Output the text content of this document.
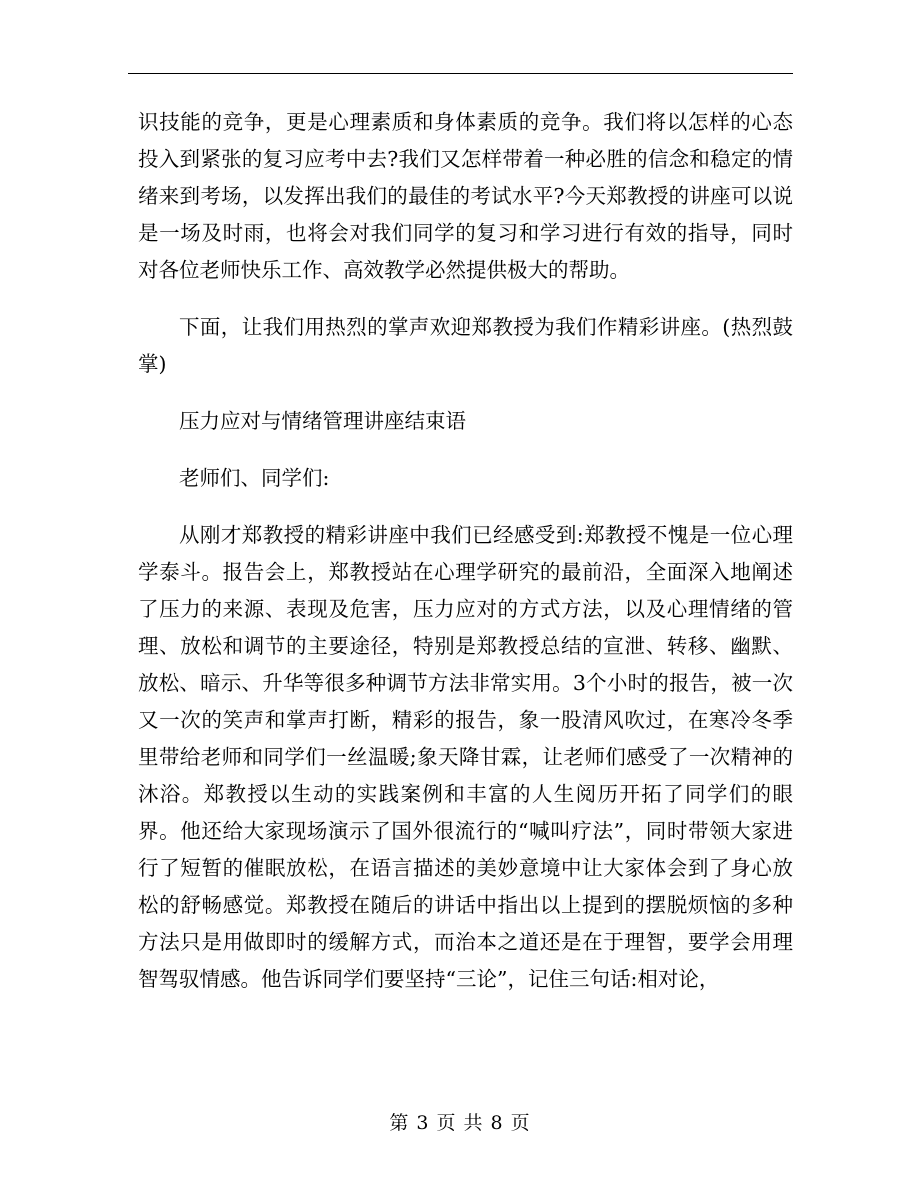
识技能的竞争，更是心理素质和身体素质的竞争。我们将以怎样的心态投入到紧张的复习应考中去?我们又怎样带着一种必胜的信念和稳定的情绪来到考场，以发挥出我们的最佳的考试水平?今天郑教授的讲座可以说是一场及时雨，也将会对我们同学的复习和学习进行有效的指导，同时对各位老师快乐工作、高效教学必然提供极大的帮助。

下面，让我们用热烈的掌声欢迎郑教授为我们作精彩讲座。(热烈鼓掌)

压力应对与情绪管理讲座结束语

老师们、同学们:

从刚才郑教授的精彩讲座中我们已经感受到:郑教授不愧是一位心理学泰斗。报告会上，郑教授站在心理学研究的最前沿，全面深入地阐述了压力的来源、表现及危害，压力应对的方式方法，以及心理情绪的管理、放松和调节的主要途径，特别是郑教授总结的宣泄、转移、幽默、放松、暗示、升华等很多种调节方法非常实用。3个小时的报告，被一次又一次的笑声和掌声打断，精彩的报告，象一股清风吹过，在寒冷冬季里带给老师和同学们一丝温暖;象天降甘霖，让老师们感受了一次精神的沐浴。郑教授以生动的实践案例和丰富的人生阅历开拓了同学们的眼界。他还给大家现场演示了国外很流行的“喊叫疗法”，同时带领大家进行了短暂的催眠放松，在语言描述的美妙意境中让大家体会到了身心放松的舒畅感觉。郑教授在随后的讲话中指出以上提到的摆脱烦恼的多种方法只是用做即时的缓解方式，而治本之道还是在于理智，要学会用理智驾驭情感。他告诉同学们要坚持“三论”，记住三句话:相对论，

第 3 页 共 8 页
